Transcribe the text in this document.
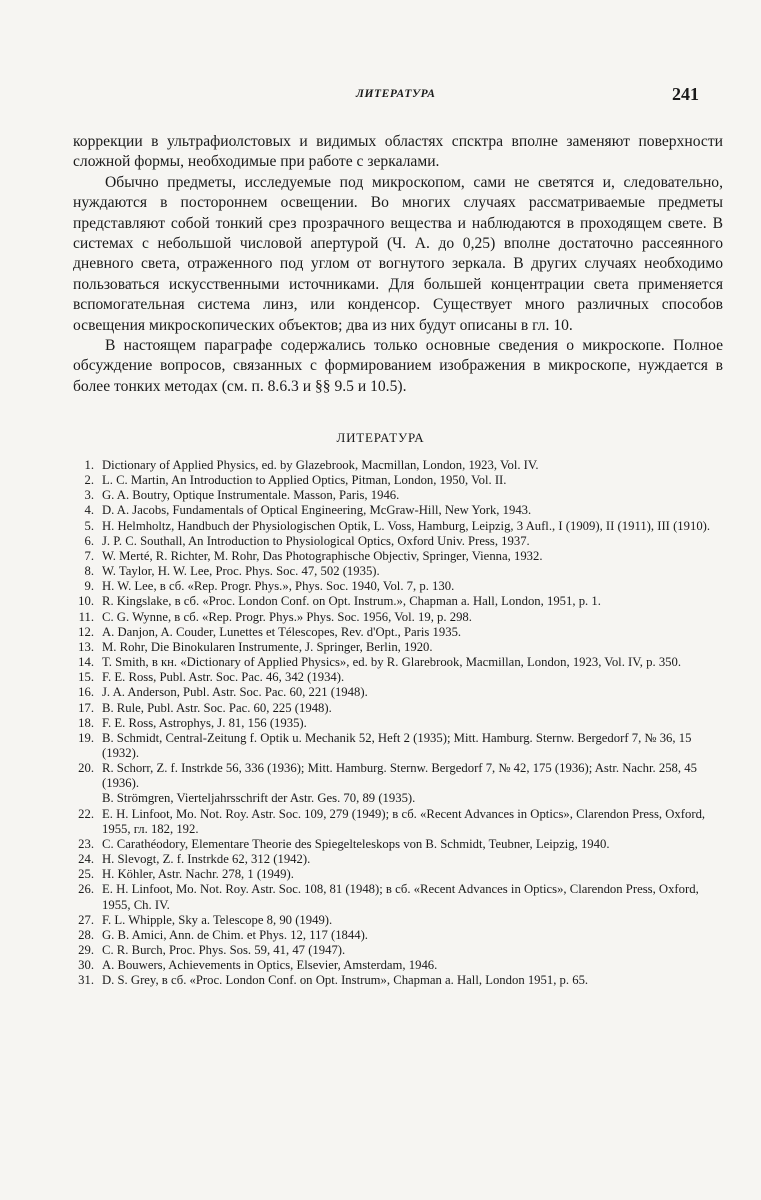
ЛИТЕРАТУРА	241

коррекции в ультрафиолстовых и видимых областях спсктра вполне заменяют поверхности сложной формы, необходимые при работе с зеркалами.

Обычно предметы, исследуемые под микроскопом, сами не светятся и, следовательно, нуждаются в постороннем освещении. Во многих случаях рассматриваемые предметы представляют собой тонкий срез прозрачного вещества и наблюдаются в проходящем свете. В системах с небольшой числовой апертурой (Ч. А. до 0,25) вполне достаточно рассеянного дневного света, отраженного под углом от вогнутого зеркала. В других случаях необходимо пользоваться искусственными источниками. Для большей концентрации света применяется вспомогательная система линз, или конденсор. Существует много различных способов освещения микроскопических объектов; два из них будут описаны в гл. 10.

В настоящем параграфе содержались только основные сведения о микроскопе. Полное обсуждение вопросов, связанных с формированием изображения в микроскопе, нуждается в более тонких методах (см. п. 8.6.3 и §§ 9.5 и 10.5).

ЛИТЕРАТУРА
1. Dictionary of Applied Physics, ed. by Glazebrook, Macmillan, London, 1923, Vol. IV.
2. L. C. Martin, An Introduction to Applied Optics, Pitman, London, 1950, Vol. II.
3. G. A. Boutry, Optique Instrumentale. Masson, Paris, 1946.
4. D. A. Jacobs, Fundamentals of Optical Engineering, McGraw-Hill, New York, 1943.
5. H. Helmholtz, Handbuch der Physiologischen Optik, L. Voss, Hamburg, Leipzig, 3 Aufl., I (1909), II (1911), III (1910).
6. J. P. C. Southall, An Introduction to Physiological Optics, Oxford Univ. Press, 1937.
7. W. Merté, R. Richter, M. Rohr, Das Photographische Objectiv, Springer, Vienna, 1932.
8. W. Taylor, H. W. Lee, Proc. Phys. Soc. 47, 502 (1935).
9. H. W. Lee, в сб. «Rep. Progr. Phys.», Phys. Soc. 1940, Vol. 7, p. 130.
10. R. Kingslake, в сб. «Proc. London Conf. on Opt. Instrum.», Chapman a. Hall, London, 1951, p. 1.
11. C. G. Wynne, в сб. «Rep. Progr. Phys.» Phys. Soc. 1956, Vol. 19, p. 298.
12. A. Danjon, A. Couder, Lunettes et Télescopes, Rev. d'Opt., Paris 1935.
13. M. Rohr, Die Binokularen Instrumente, J. Springer, Berlin, 1920.
14. T. Smith, в кн. «Dictionary of Applied Physics», ed. by R. Glarebrook, Macmillan, London, 1923, Vol. IV, p. 350.
15. F. E. Ross, Publ. Astr. Soc. Pac. 46, 342 (1934).
16. J. A. Anderson, Publ. Astr. Soc. Pac. 60, 221 (1948).
17. B. Rule, Publ. Astr. Soc. Pac. 60, 225 (1948).
18. F. E. Ross, Astrophys, J. 81, 156 (1935).
19. B. Schmidt, Central-Zeitung f. Optik u. Mechanik 52, Heft 2 (1935); Mitt. Hamburg. Sternw. Bergedorf 7, № 36, 15 (1932).
20. R. Schorr, Z. f. Instrkde 56, 336 (1936); Mitt. Hamburg. Sternw. Bergedorf 7, № 42, 175 (1936); Astr. Nachr. 258, 45 (1936).
B. Strömgren, Vierteljahrsschrift der Astr. Ges. 70, 89 (1935).
22. E. H. Linfoot, Mo. Not. Roy. Astr. Soc. 109, 279 (1949); в сб. «Recent Advances in Optics», Clarendon Press, Oxford, 1955, гл. 182, 192.
23. C. Carathéodory, Elementare Theorie des Spiegelteleskops von B. Schmidt, Teubner, Leipzig, 1940.
24. H. Slevogt, Z. f. Instrkde 62, 312 (1942).
25. H. Köhler, Astr. Nachr. 278, 1 (1949).
26. E. H. Linfoot, Mo. Not. Roy. Astr. Soc. 108, 81 (1948); в сб. «Recent Advances in Optics», Clarendon Press, Oxford, 1955, Ch. IV.
27. F. L. Whipple, Sky a. Telescope 8, 90 (1949).
28. G. B. Amici, Ann. de Chim. et Phys. 12, 117 (1844).
29. C. R. Burch, Proc. Phys. Sos. 59, 41, 47 (1947).
30. A. Bouwers, Achievements in Optics, Elsevier, Amsterdam, 1946.
31. D. S. Grey, в сб. «Proc. London Conf. on Opt. Instrum», Chapman a. Hall, London 1951, p. 65.
